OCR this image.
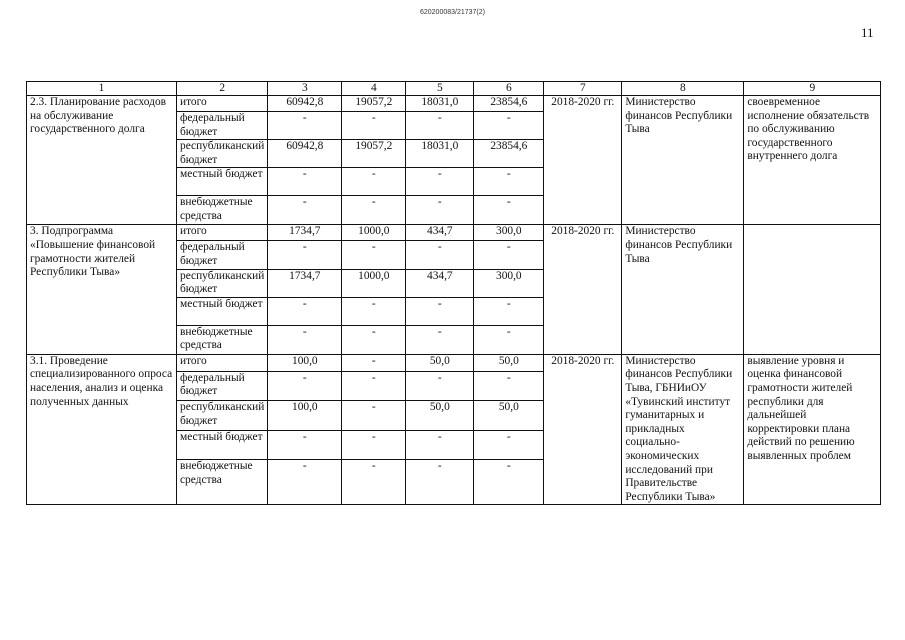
620200083/21737(2)
11
1	2	3	4	5	6	7	8	9
2.3. Планирование расходов на обслуживание государственного долга	итого	60942,8	19057,2	18031,0	23854,6	2018-2020 гг.	Министерство финансов Республики Тыва	своевременное исполнение обязательств по обслуживанию государственного внутреннего долга
	федеральный бюджет	-	-	-	-			
	республиканский бюджет	60942,8	19057,2	18031,0	23854,6			
	местный бюджет	-	-	-	-			
	внебюджетные средства	-	-	-	-			
3. Подпрограмма «Повышение финансовой грамотности жителей Республики Тыва»	итого	1734,7	1000,0	434,7	300,0	2018-2020 гг.	Министерство финансов Республики Тыва	
	федеральный бюджет	-	-	-	-			
	республиканский бюджет	1734,7	1000,0	434,7	300,0			
	местный бюджет	-	-	-	-			
	внебюджетные средства	-	-	-	-			
3.1. Проведение специализированного опроса населения, анализ и оценка полученных данных	итого	100,0	-	50,0	50,0	2018-2020 гг.	Министерство финансов Республики Тыва, ГБНИиОУ «Тувинский институт гуманитарных и прикладных социально-экономических исследований при Правительстве Республики Тыва»	выявление уровня и оценка финансовой грамотности жителей республики для дальнейшей корректировки плана действий по решению выявленных проблем
	федеральный бюджет	-	-	-	-			
	республиканский бюджет	100,0	-	50,0	50,0			
	местный бюджет	-	-	-	-			
	внебюджетные средства	-	-	-	-			
